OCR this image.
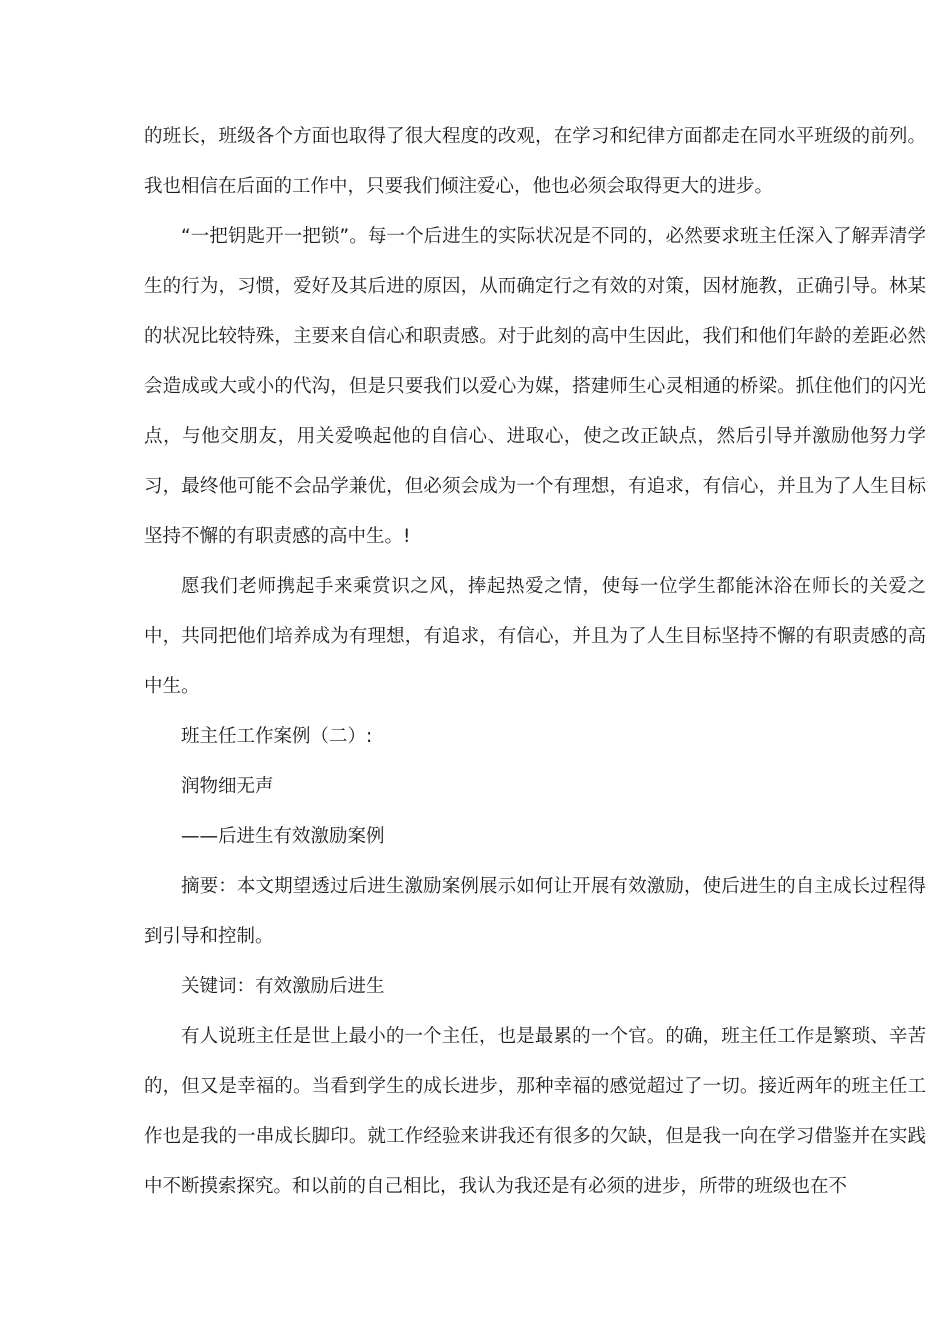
的班长，班级各个方面也取得了很大程度的改观，在学习和纪律方面都走在同水平班级的前列。我也相信在后面的工作中，只要我们倾注爱心，他也必须会取得更大的进步。

“一把钥匙开一把锁”。每一个后进生的实际状况是不同的，必然要求班主任深入了解弄清学生的行为，习惯，爱好及其后进的原因，从而确定行之有效的对策，因材施教，正确引导。林某的状况比较特殊，主要来自信心和职责感。对于此刻的高中生因此，我们和他们年龄的差距必然会造成或大或小的代沟，但是只要我们以爱心为媒，搭建师生心灵相通的桥梁。抓住他们的闪光点，与他交朋友，用关爱唤起他的自信心、进取心，使之改正缺点，然后引导并激励他努力学习，最终他可能不会品学兼优，但必须会成为一个有理想，有追求，有信心，并且为了人生目标坚持不懈的有职责感的高中生。!

愿我们老师携起手来乘赏识之风，捧起热爱之情，使每一位学生都能沐浴在师长的关爱之中，共同把他们培养成为有理想，有追求，有信心，并且为了人生目标坚持不懈的有职责感的高中生。

班主任工作案例（二）:

润物细无声

——后进生有效激励案例

摘要：本文期望透过后进生激励案例展示如何让开展有效激励，使后进生的自主成长过程得到引导和控制。

关键词：有效激励后进生

有人说班主任是世上最小的一个主任，也是最累的一个官。的确，班主任工作是繁琐、辛苦的，但又是幸福的。当看到学生的成长进步，那种幸福的感觉超过了一切。接近两年的班主任工作也是我的一串成长脚印。就工作经验来讲我还有很多的欠缺，但是我一向在学习借鉴并在实践中不断摸索探究。和以前的自己相比，我认为我还是有必须的进步，所带的班级也在不
